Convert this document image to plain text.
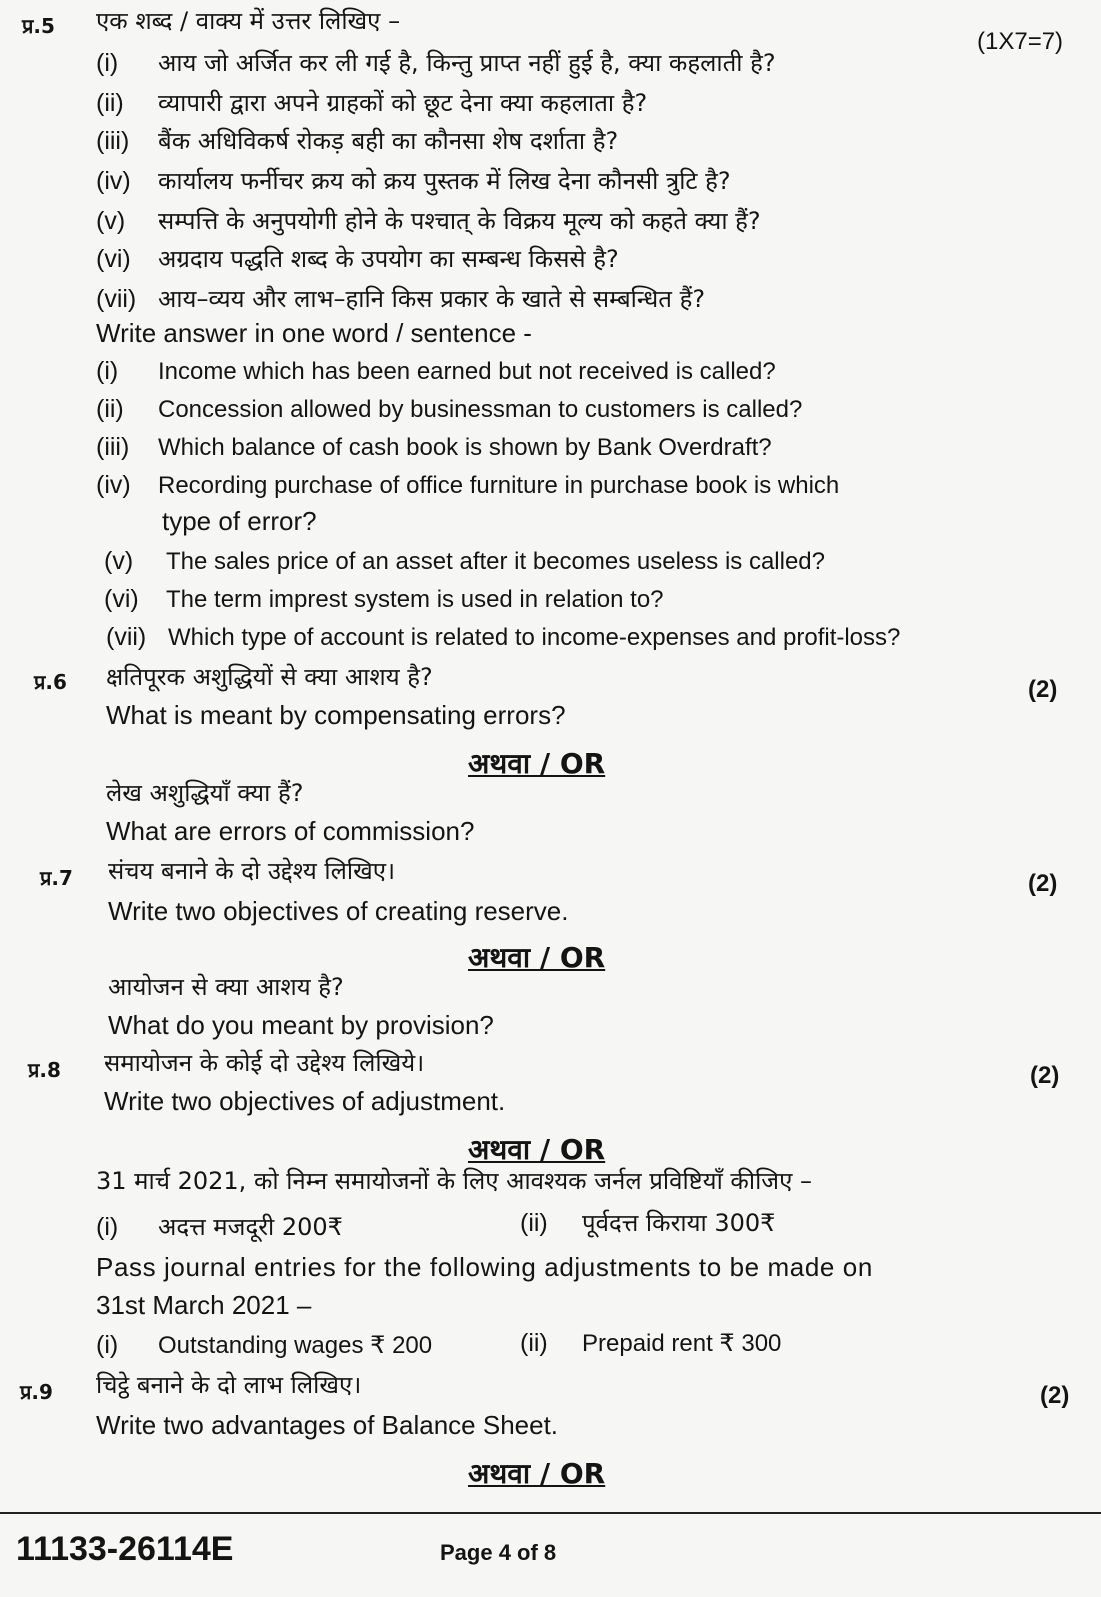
प्र.5 एक शब्द / वाक्य में उत्तर लिखिए –
(1X7=7)
(i) आय जो अर्जित कर ली गई है, किन्तु प्राप्त नहीं हुई है, क्या कहलाती है?
(ii) व्यापारी द्वारा अपने ग्राहकों को छूट देना क्या कहलाता है?
(iii) बैंक अधिविकर्ष रोकड़ बही का कौनसा शेष दर्शाता है?
(iv) कार्यालय फर्नीचर क्रय को क्रय पुस्तक में लिख देना कौनसी त्रुटि है?
(v) सम्पत्ति के अनुपयोगी होने के पश्चात् के विक्रय मूल्य को कहते क्या हैं?
(vi) अग्रदाय पद्धति शब्द के उपयोग का सम्बन्ध किससे है?
(vii) आय–व्यय और लाभ–हानि किस प्रकार के खाते से सम्बन्धित हैं?
Write answer in one word / sentence -
(i) Income which has been earned but not received is called?
(ii) Concession allowed by businessman to customers is called?
(iii) Which balance of cash book is shown by Bank Overdraft?
(iv) Recording purchase of office furniture in purchase book is which
type of error?
(v) The sales price of an asset after it becomes useless is called?
(vi) The term imprest system is used in relation to?
(vii) Which type of account is related to income-expenses and profit-loss?
प्र.6 क्षतिपूरक अशुद्धियों से क्या आशय है?	(2)
What is meant by compensating errors?
अथवा / OR
लेख अशुद्धियाँ क्या हैं?
What are errors of commission?
प्र.7 संचय बनाने के दो उद्देश्य लिखिए।	(2)
Write two objectives of creating reserve.
अथवा / OR
आयोजन से क्या आशय है?
What do you meant by provision?
प्र.8 समायोजन के कोई दो उद्देश्य लिखिये।	(2)
Write two objectives of adjustment.
अथवा / OR
31 मार्च 2021, को निम्न समायोजनों के लिए आवश्यक जर्नल प्रविष्टियाँ कीजिए –
(i) अदत्त मजदूरी 200₹	(ii) पूर्वदत्त किराया 300₹
Pass journal entries for the following adjustments to be made on
31st March 2021 –
(i) Outstanding wages ₹ 200	(ii) Prepaid rent ₹ 300
प्र.9 चिट्ठे बनाने के दो लाभ लिखिए।	(2)
Write two advantages of Balance Sheet.
अथवा / OR
11133-26114E	Page 4 of 8
